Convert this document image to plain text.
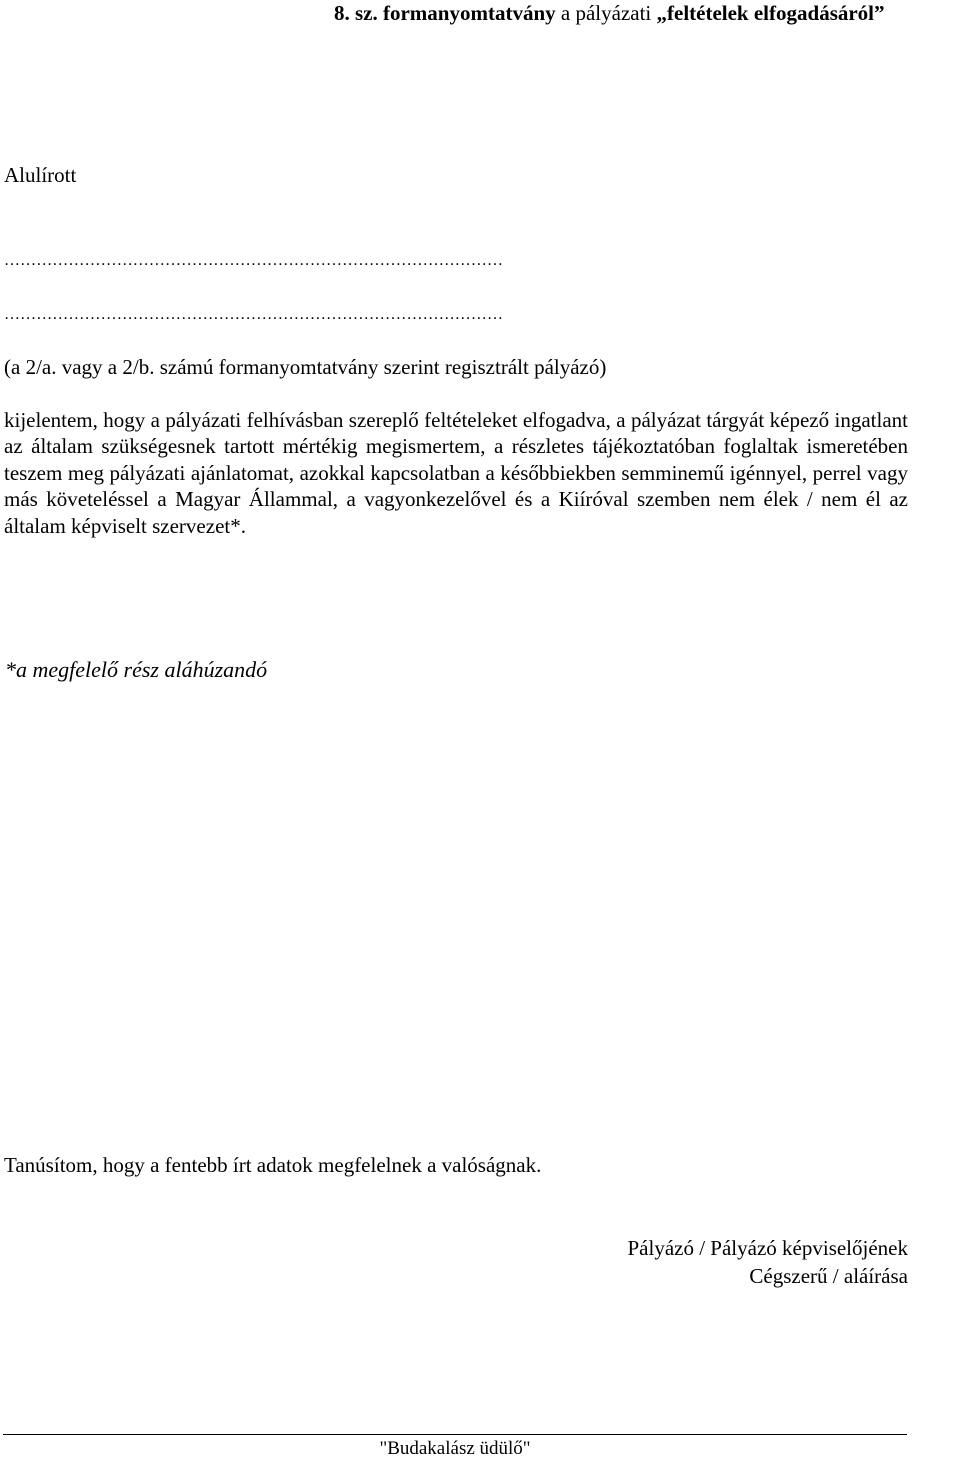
8. sz. formanyomtatvány a pályázati „feltételek elfogadásáról”
Alulírott
…………………………………………………………………………………
…………………………………………………………………………………
(a 2/a. vagy a 2/b. számú formanyomtatvány szerint regisztrált pályázó)
kijelentem, hogy a pályázati felhívásban szereplő feltételeket elfogadva, a pályázat tárgyát képező ingatlant az általam szükségesnek tartott mértékig megismertem, a részletes tájékoztatóban foglaltak ismeretében teszem meg pályázati ajánlatomat, azokkal kapcsolatban a későbbiekben semminemű igénnyel, perrel vagy más követeléssel a Magyar Állammal, a vagyonkezelővel és a Kiíróval szemben nem élek / nem él az általam képviselt szervezet*.
*a megfelelő rész aláhúzandó
Tanúsítom, hogy a fentebb írt adatok megfelelnek a valóságnak.
Pályázó / Pályázó képviselőjének
Cégszerű / aláírása
"Budakalász üdülő"
